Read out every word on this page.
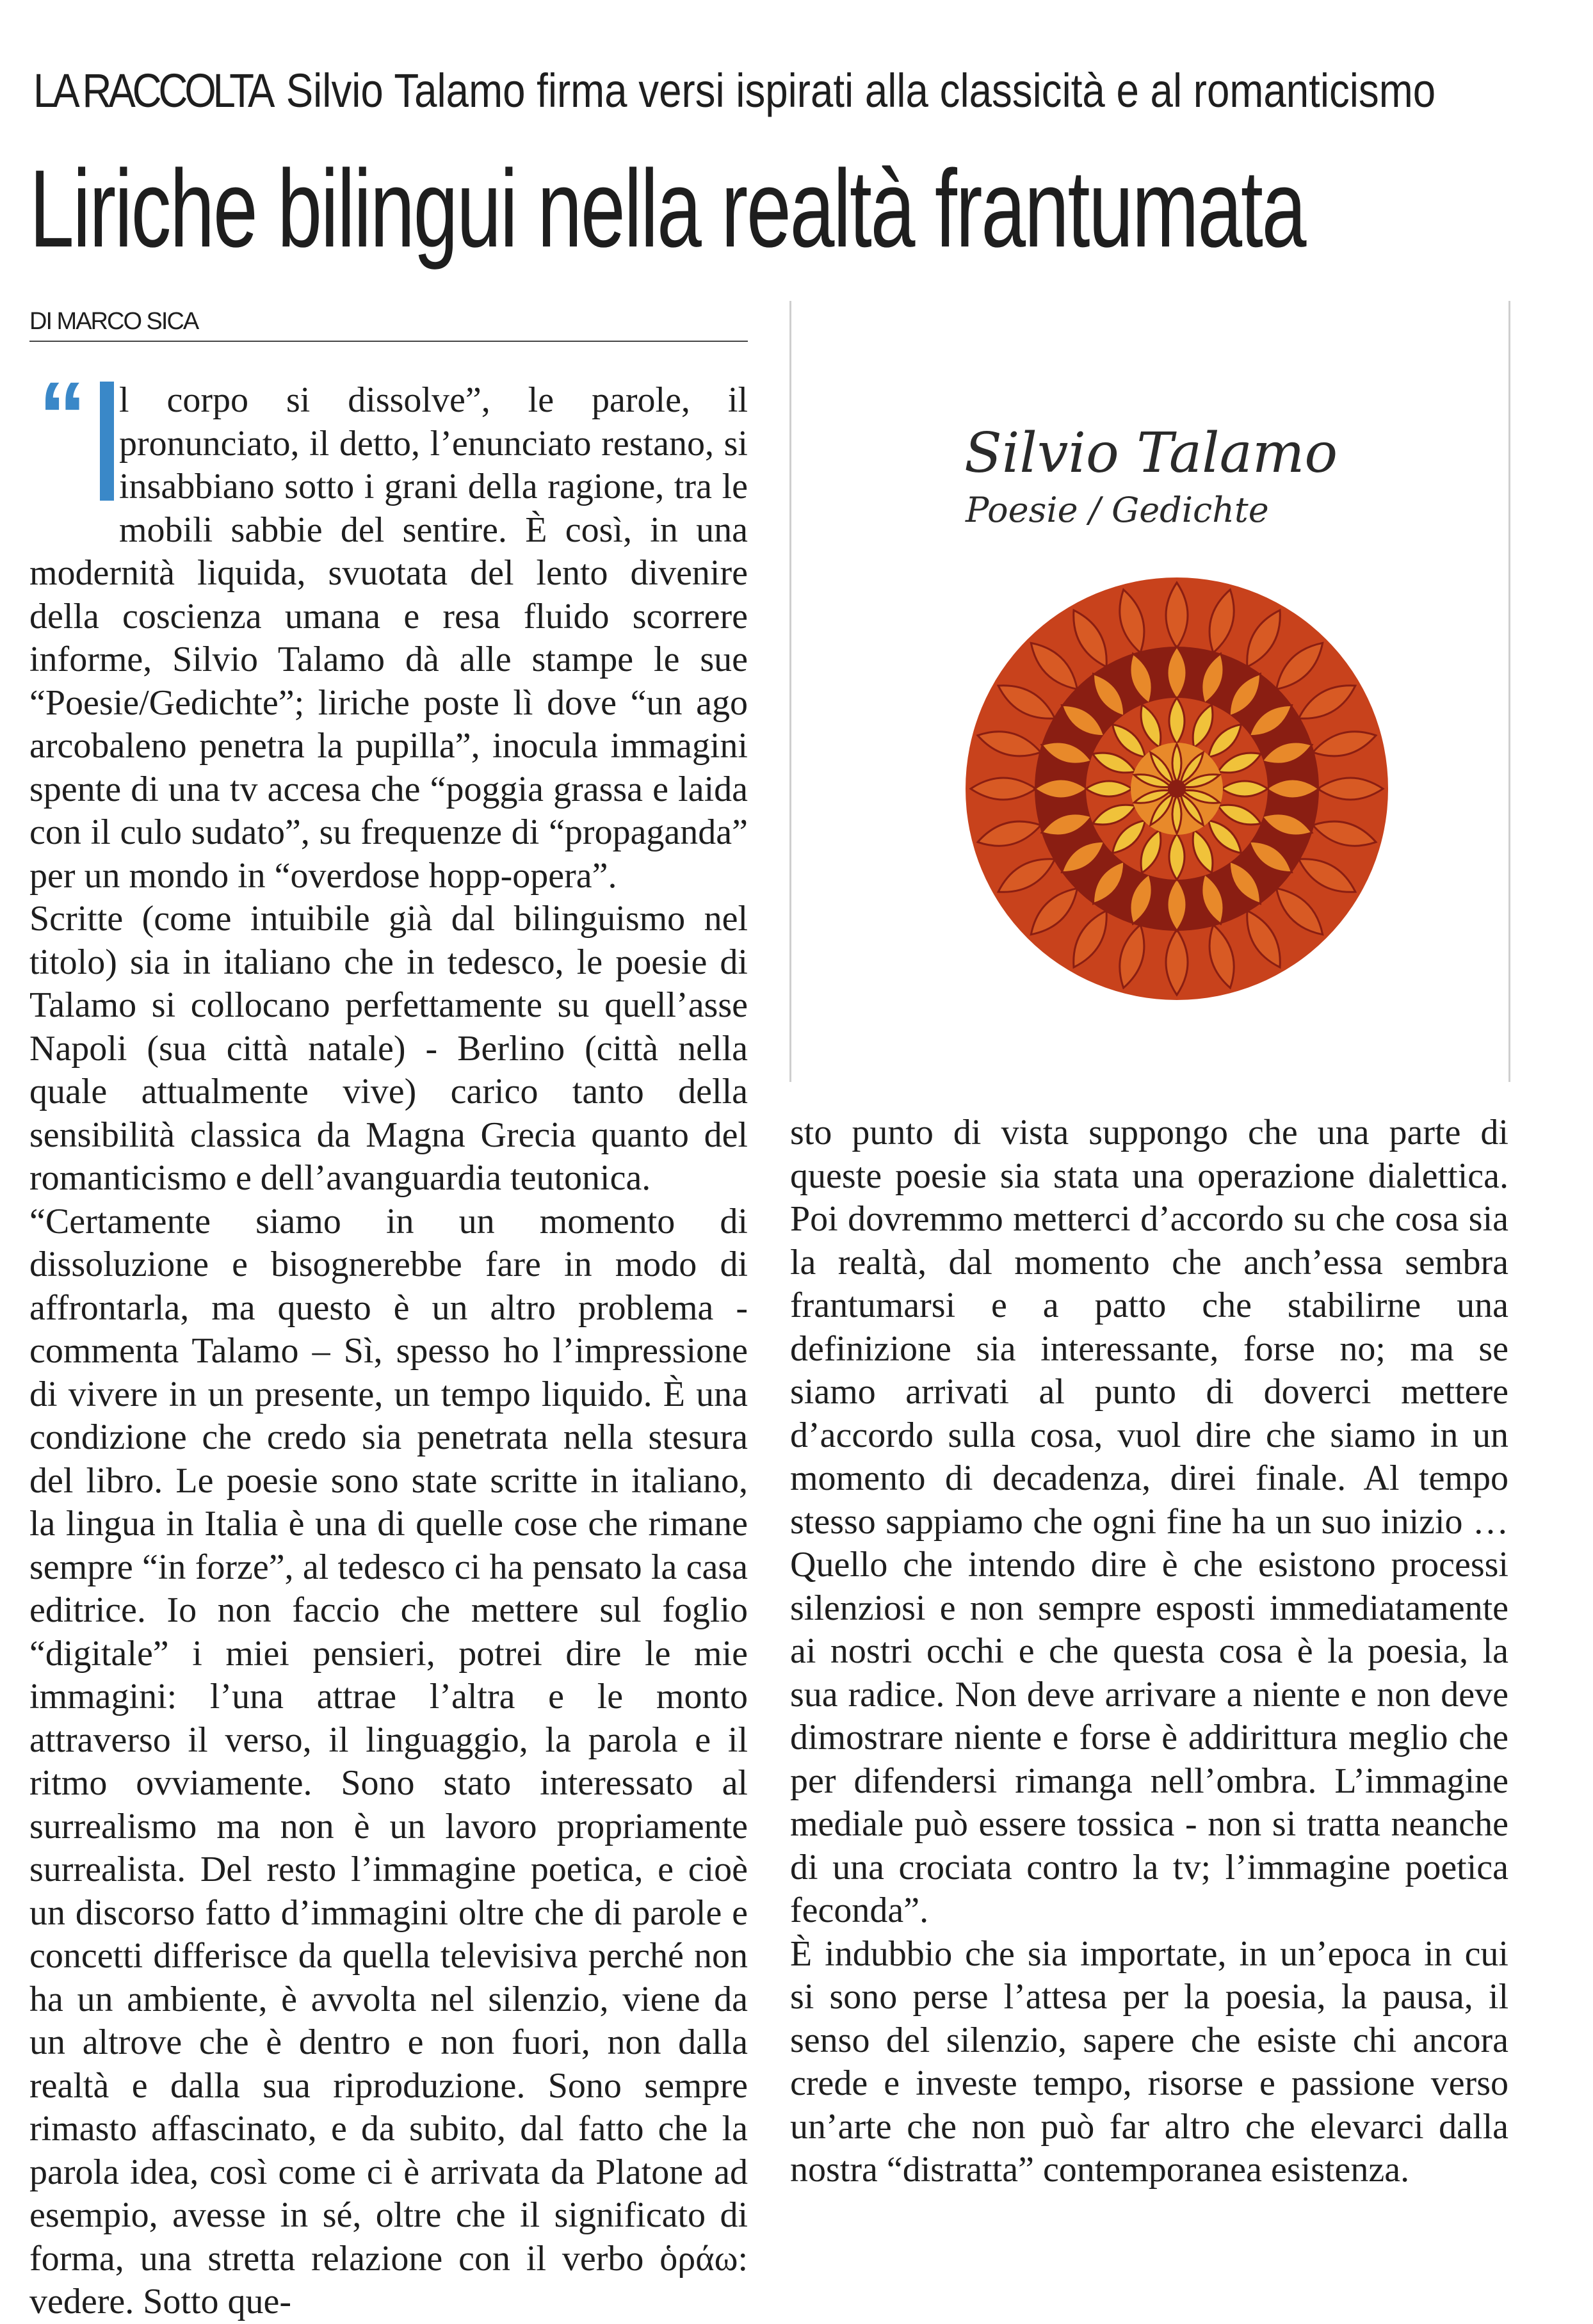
LA RACCOLTA Silvio Talamo firma versi ispirati alla classicità e al romanticismo
Liriche bilingui nella realtà frantumata
DI MARCO SICA
“ l corpo si dissolve”, le parole, il pronunciato, il detto, l’enunciato restano, si insabbiano sotto i grani della ragione, tra le mobili sabbie del sentire. È così, in una modernità liquida, svuotata del lento divenire della coscienza umana e resa fluido scorrere informe, Silvio Talamo dà alle stampe le sue “Poesie/Gedichte”; liriche poste lì dove “un ago arcobaleno penetra la pupilla”, inocula immagini spente di una tv accesa che “poggia grassa e laida con il culo sudato”, su frequenze di “propaganda” per un mondo in “overdose hopp-opera”.

Scritte (come intuibile già dal bilinguismo nel titolo) sia in italiano che in tedesco, le poesie di Talamo si collocano perfettamente su quell’asse Napoli (sua città natale) - Berlino (città nella quale attualmente vive) carico tanto della sensibilità classica da Magna Grecia quanto del romanticismo e dell’avanguardia teutonica.

“Certamente siamo in un momento di dissoluzione e bisognerebbe fare in modo di affrontarla, ma questo è un altro problema - commenta Talamo – Sì, spesso ho l’impressione di vivere in un presente, un tempo liquido. È una condizione che credo sia penetrata nella stesura del libro. Le poesie sono state scritte in italiano, la lingua in Italia è una di quelle cose che rimane sempre “in forze”, al tedesco ci ha pensato la casa editrice. Io non faccio che mettere sul foglio “digitale” i miei pensieri, potrei dire le mie immagini: l’una attrae l’altra e le monto attraverso il verso, il linguaggio, la parola e il ritmo ovviamente. Sono stato interessato al surrealismo ma non è un lavoro propriamente surrealista. Del resto l’immagine poetica, e cioè un discorso fatto d’immagini oltre che di parole e concetti differisce da quella televisiva perché non ha un ambiente, è avvolta nel silenzio, viene da un altrove che è dentro e non fuori, non dalla realtà e dalla sua riproduzione. Sono sempre rimasto affascinato, e da subito, dal fatto che la parola idea, così come ci è arrivata da Platone ad esempio, avesse in sé, oltre che il significato di forma, una stretta relazione con il verbo ὁράω: vedere. Sotto que-

sto punto di vista suppongo che una parte di queste poesie sia stata una operazione dialettica. Poi dovremmo metterci d’accordo su che cosa sia la realtà, dal momento che anch’essa sembra frantumarsi e a patto che stabilirne una definizione sia interessante, forse no; ma se siamo arrivati al punto di doverci mettere d’accordo sulla cosa, vuol dire che siamo in un momento di decadenza, direi finale. Al tempo stesso sappiamo che ogni fine ha un suo inizio … Quello che intendo dire è che esistono processi silenziosi e non sempre esposti immediatamente ai nostri occhi e che questa cosa è la poesia, la sua radice. Non deve arrivare a niente e non deve dimostrare niente e forse è addirittura meglio che per difendersi rimanga nell’ombra. L’immagine mediale può essere tossica - non si tratta neanche di una crociata contro la tv; l’immagine poetica feconda”.

È indubbio che sia importate, in un’epoca in cui si sono perse l’attesa per la poesia, la pausa, il senso del silenzio, sapere che esiste chi ancora crede e investe tempo, risorse e passione verso un’arte che non può far altro che elevarci dalla nostra “distratta” contemporanea esistenza.

Silvio Talamo
Poesie / Gedichte
